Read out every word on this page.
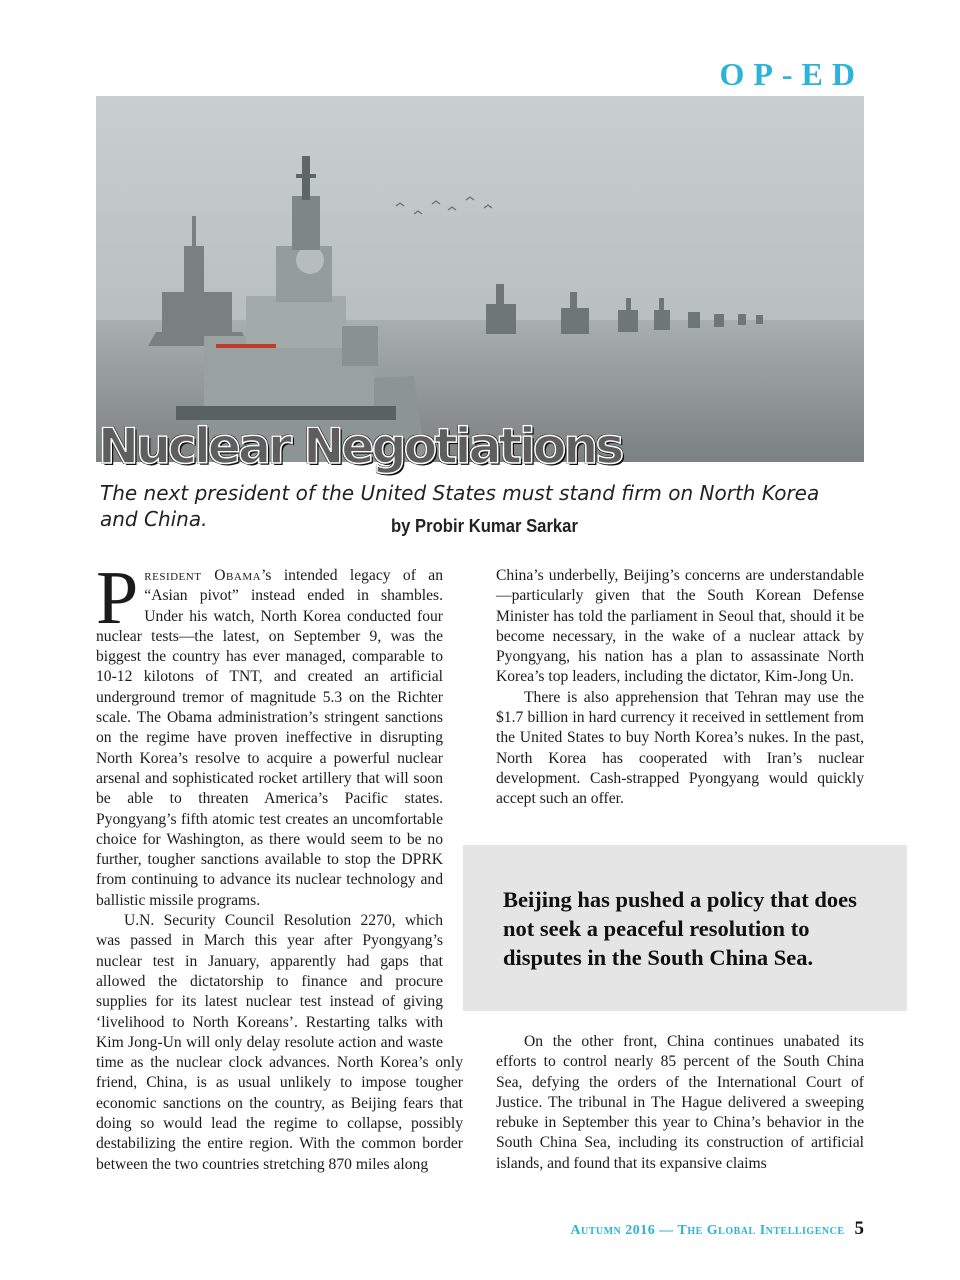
OP-ED
Nuclear Negotiations

The next president of the United States must stand firm on North Korea and China.	by Probir Kumar Sarkar

President Obama’s intended legacy of an “Asian pivot” instead ended in shambles. Under his watch, North Korea conducted four nuclear tests—the latest, on September 9, was the biggest the country has ever managed, comparable to 10-12 kilotons of TNT, and created an artificial underground tremor of magnitude 5.3 on the Richter scale. The Obama administration’s stringent sanctions on the regime have proven ineffective in disrupting North Korea’s resolve to acquire a powerful nuclear arsenal and sophisticated rocket artillery that will soon be able to threaten America’s Pacific states. Pyongyang’s fifth atomic test creates an uncomfortable choice for Washington, as there would seem to be no further, tougher sanctions available to stop the DPRK from continuing to advance its nuclear technology and ballistic missile programs.

U.N. Security Council Resolution 2270, which was passed in March this year after Pyongyang’s nuclear test in January, apparently had gaps that allowed the dictatorship to finance and procure supplies for its latest nuclear test instead of giving ‘livelihood to North Koreans’. Restarting talks with Kim Jong-Un will only delay resolute action and waste time as the nuclear clock advances. North Korea’s only friend, China, is as usual unlikely to impose tougher economic sanctions on the country, as Beijing fears that doing so would lead the regime to collapse, possibly destabilizing the entire region. With the common border between the two countries stretching 870 miles along

China’s underbelly, Beijing’s concerns are understandable—particularly given that the South Korean Defense Minister has told the parliament in Seoul that, should it be become necessary, in the wake of a nuclear attack by Pyongyang, his nation has a plan to assassinate North Korea’s top leaders, including the dictator, Kim-Jong Un.

There is also apprehension that Tehran may use the $1.7 billion in hard currency it received in settlement from the United States to buy North Korea’s nukes. In the past, North Korea has cooperated with Iran’s nuclear development. Cash-strapped Pyongyang would quickly accept such an offer.

Beijing has pushed a policy that does not seek a peaceful resolution to disputes in the South China Sea.

On the other front, China continues unabated its efforts to control nearly 85 percent of the South China Sea, defying the orders of the International Court of Justice. The tribunal in The Hague delivered a sweeping rebuke in September this year to China’s behavior in the South China Sea, including its construction of artificial islands, and found that its expansive claims

Autumn 2016 — The Global Intelligence 5
